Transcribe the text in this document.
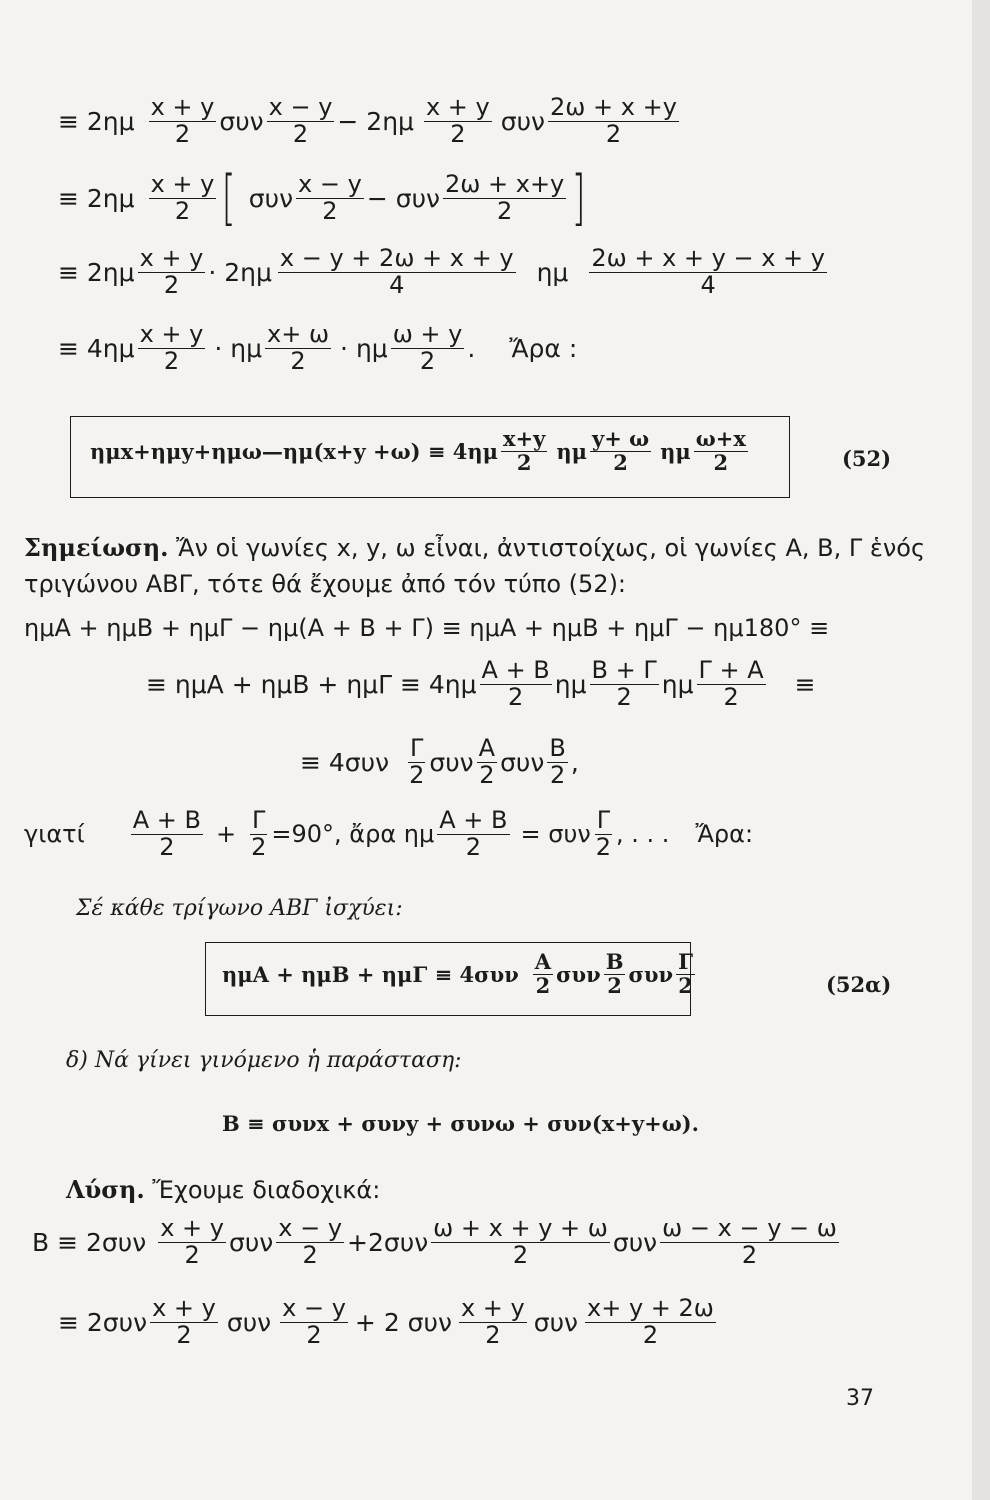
≡ $2\eta\mu \frac{x + y}{2}$ συν $\frac{x - y}{2} - 2\eta\mu \frac{x + y}{2}$ συν $\frac{2\omega + x +y}{2}$
≡ $2\eta\mu \frac{x + y}{2}$ [ συν $\frac{x - y}{2} - \sigma\upsilon\nu \frac{2\omega + x+y}{2}$ ]
≡ $2\eta\mu \frac{x + y}{2} \cdot 2\eta\mu \frac{x - y + 2\omega + x + y}{4}$ ημ $\frac{2\omega + x + y - x + y}{4}$
≡ $4\eta\mu \frac{x + y}{2} \cdot \eta\mu \frac{x+ \omega}{2} \cdot \eta\mu \frac{\omega + y}{2}$ . Ἄρα :
ημx+ημy+ημω—ημ(x+y $+\omega) \equiv 4\eta\mu \frac{x+y}{2}$ ημ $\frac{y+ \omega}{2}$ ημ $\frac{\omega+x}{2}$	(52)
Σημείωση. Ἄν οἱ γωνίες x, y, ω εἶναι, ἀντιστοίχως, οἱ γωνίες Α, Β, Γ ἑνός
τριγώνου ΑΒΓ, τότε θά ἔχουμε ἀπό τόν τύπο (52):
ημΑ + ημΒ + ημΓ − ημ(Α + Β + Γ) ≡ ημΑ + ημΒ + ημΓ − ημ180° ≡
≡ $\eta\mu A + \eta\mu B + \eta\mu\Gamma \equiv 4\eta\mu \frac{A + B}{2}$ ημ $\frac{B + \Gamma}{2}$ ημ $\frac{\Gamma + A}{2}$ ≡
≡ $4\sigma\upsilon\nu \frac{\Gamma}{2}$ συν $\frac{A}{2}$ συν $\frac{B}{2}$ ,
γιατί $\frac{A + B}{2} + \frac{\Gamma}{2} =90^\circ$, ἄρα ημ $\frac{A + B}{2} = \sigma\upsilon\nu \frac{\Gamma}{2}$ , . . . Ἄρα:
Σέ κάθε τρίγωνο ΑΒΓ ἰσχύει:
$\eta\mu A + \eta\mu B + \eta\mu\Gamma \equiv 4\sigma\upsilon\nu \frac{A}{2}$ συν $\frac{B}{2}$ συν $\frac{\Gamma}{2}$	(52α)
δ) Νά γίνει γινόμενο ἡ παράσταση:
Β ≡ συνx + συνy + συνω + συν(x+y+ω).
Λύση. Ἔχουμε διαδοχικά:
$B \equiv 2\sigma\upsilon\nu \frac{x + y}{2}$ συν $\frac{x - y}{2} +2\sigma\upsilon\nu \frac{\omega + x + y + \omega}{2}$ συν $\frac{\omega - x - y - \omega}{2}$
≡ $2\sigma\upsilon\nu \frac{x + y}{2}$ συν $\frac{x - y}{2} + 2$ συν $\frac{x + y}{2}$ συν $\frac{x+ y + 2\omega}{2}$
37
